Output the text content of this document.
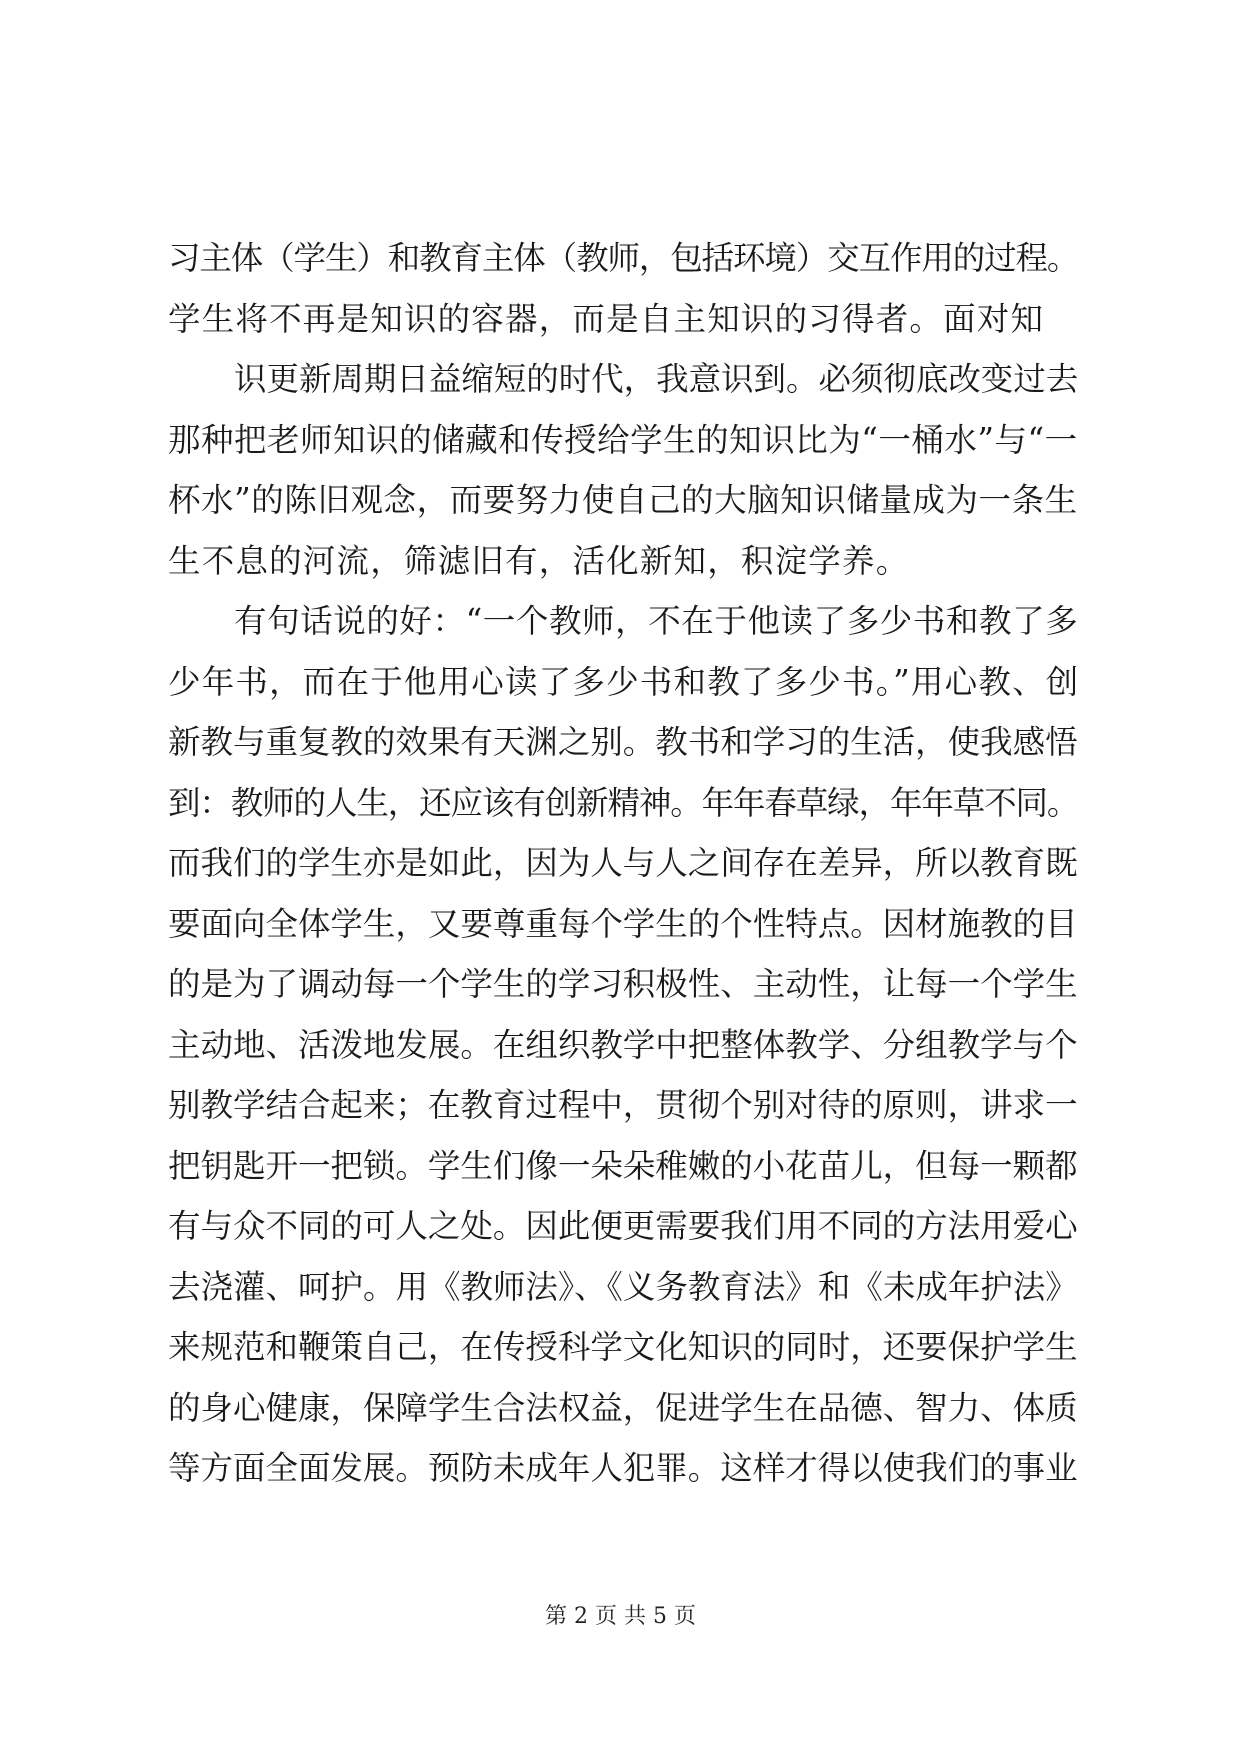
习主体（学生）和教育主体（教师，包括环境）交互作用的过程。
学生将不再是知识的容器，而是自主知识的习得者。面对知
识更新周期日益缩短的时代，我意识到。必须彻底改变过去
那种把老师知识的储藏和传授给学生的知识比为“一桶水”与“一
杯水”的陈旧观念，而要努力使自己的大脑知识储量成为一条生
生不息的河流，筛滤旧有，活化新知，积淀学养。
有句话说的好：“一个教师，不在于他读了多少书和教了多
少年书，而在于他用心读了多少书和教了多少书。”用心教、创
新教与重复教的效果有天渊之别。教书和学习的生活，使我感悟
到：教师的人生，还应该有创新精神。年年春草绿，年年草不同。
而我们的学生亦是如此，因为人与人之间存在差异，所以教育既
要面向全体学生，又要尊重每个学生的个性特点。因材施教的目
的是为了调动每一个学生的学习积极性、主动性，让每一个学生
主动地、活泼地发展。在组织教学中把整体教学、分组教学与个
别教学结合起来；在教育过程中，贯彻个别对待的原则，讲求一
把钥匙开一把锁。学生们像一朵朵稚嫩的小花苗儿，但每一颗都
有与众不同的可人之处。因此便更需要我们用不同的方法用爱心
去浇灌、呵护。用《教师法》、《义务教育法》和《未成年护法》
来规范和鞭策自己，在传授科学文化知识的同时，还要保护学生
的身心健康，保障学生合法权益，促进学生在品德、智力、体质
等方面全面发展。预防未成年人犯罪。这样才得以使我们的事业
第 2 页 共 5 页
